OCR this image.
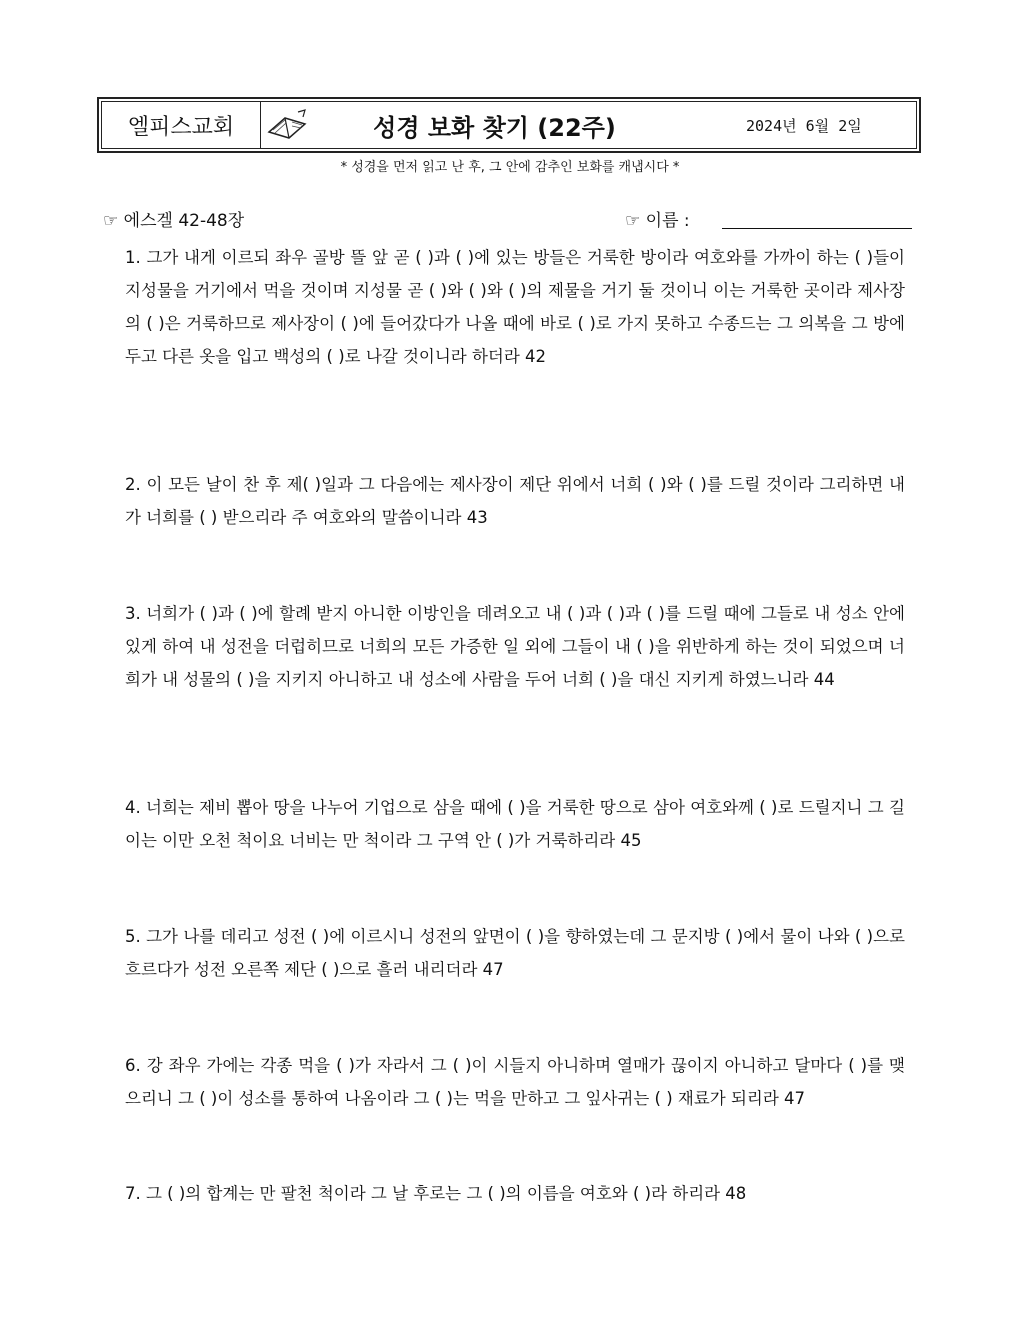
엘피스교회	성경 보화 찾기 (22주)	2024년 6월 2일
* 성경을 먼저 읽고 난 후, 그 안에 감추인 보화를 캐냅시다 *
☞ 에스겔 42-48장	☞ 이름 :
1. 그가 내게 이르되 좌우 골방 뜰 앞 곧 ( )과 ( )에 있는 방들은 거룩한 방이라 여호와를 가까이 하는 ( )들이 지성물을 거기에서 먹을 것이며 지성물 곧 ( )와 ( )와 ( )의 제물을 거기 둘 것이니 이는 거룩한 곳이라 제사장의 ( )은 거룩하므로 제사장이 ( )에 들어갔다가 나올 때에 바로 ( )로 가지 못하고 수종드는 그 의복을 그 방에 두고 다른 옷을 입고 백성의 ( )로 나갈 것이니라 하더라 42
2. 이 모든 날이 찬 후 제( )일과 그 다음에는 제사장이 제단 위에서 너희 ( )와 ( )를 드릴 것이라 그리하면 내가 너희를 ( ) 받으리라 주 여호와의 말씀이니라 43
3. 너희가 ( )과 ( )에 할례 받지 아니한 이방인을 데려오고 내 ( )과 ( )과 ( )를 드릴 때에 그들로 내 성소 안에 있게 하여 내 성전을 더럽히므로 너희의 모든 가증한 일 외에 그들이 내 ( )을 위반하게 하는 것이 되었으며 너희가 내 성물의 ( )을 지키지 아니하고 내 성소에 사람을 두어 너희 ( )을 대신 지키게 하였느니라 44
4. 너희는 제비 뽑아 땅을 나누어 기업으로 삼을 때에 ( )을 거룩한 땅으로 삼아 여호와께 ( )로 드릴지니 그 길이는 이만 오천 척이요 너비는 만 척이라 그 구역 안 ( )가 거룩하리라 45
5. 그가 나를 데리고 성전 ( )에 이르시니 성전의 앞면이 ( )을 향하였는데 그 문지방 ( )에서 물이 나와 ( )으로 흐르다가 성전 오른쪽 제단 ( )으로 흘러 내리더라 47
6. 강 좌우 가에는 각종 먹을 ( )가 자라서 그 ( )이 시들지 아니하며 열매가 끊이지 아니하고 달마다 ( )를 맺으리니 그 ( )이 성소를 통하여 나옴이라 그 ( )는 먹을 만하고 그 잎사귀는 ( ) 재료가 되리라 47
7. 그 ( )의 합계는 만 팔천 척이라 그 날 후로는 그 ( )의 이름을 여호와 ( )라 하리라 48
